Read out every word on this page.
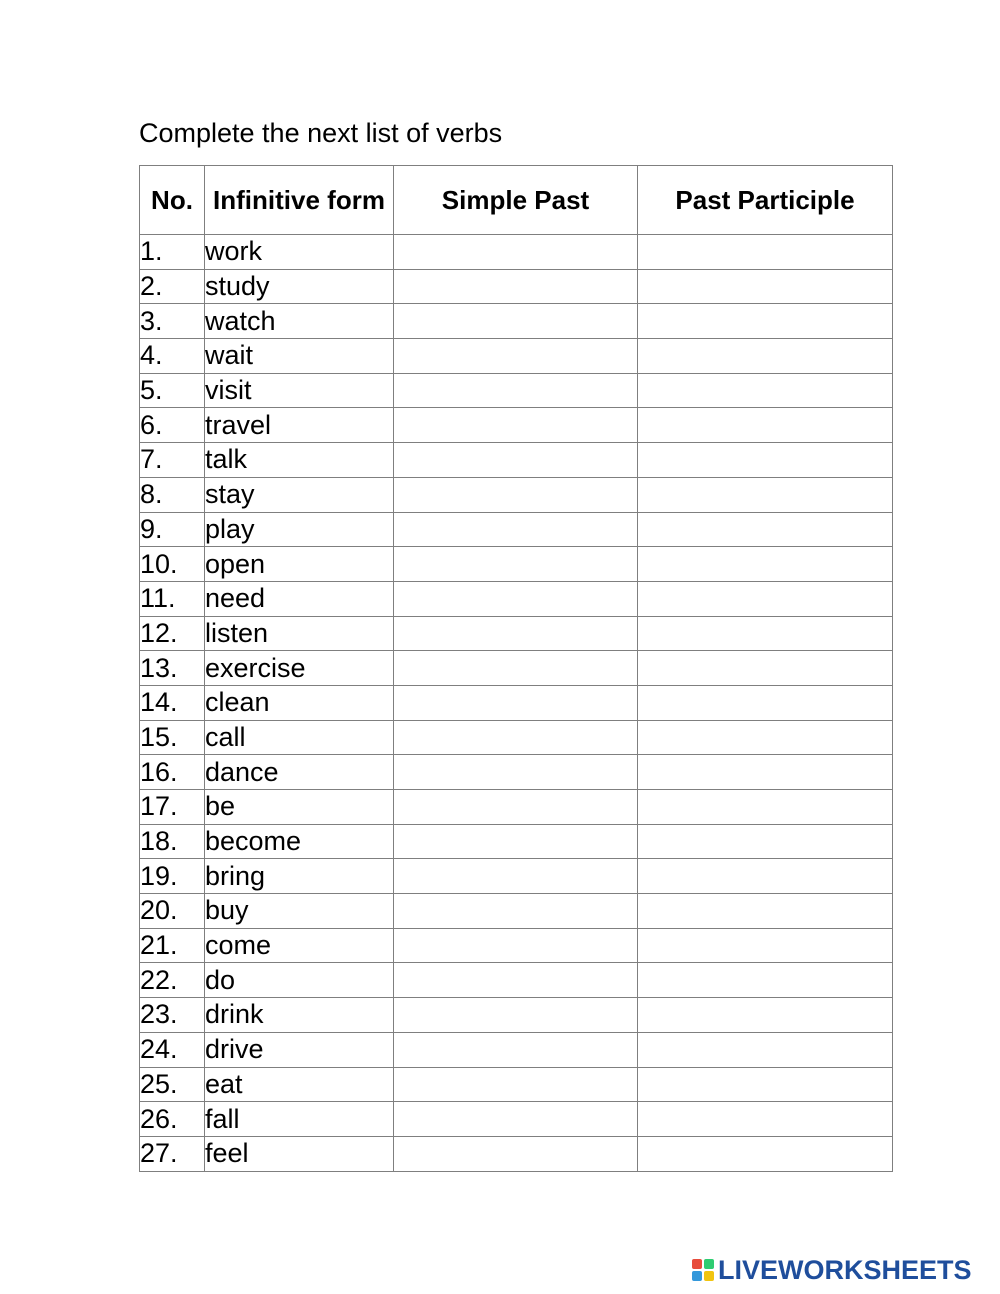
Complete the next list of verbs
No.	Infinitive form	Simple Past	Past Participle
1.	work		
2.	study		
3.	watch		
4.	wait		
5.	visit		
6.	travel		
7.	talk		
8.	stay		
9.	play		
10.	open		
11.	need		
12.	listen		
13.	exercise		
14.	clean		
15.	call		
16.	dance		
17.	be		
18.	become		
19.	bring		
20.	buy		
21.	come		
22.	do		
23.	drink		
24.	drive		
25.	eat		
26.	fall		
27.	feel		
LIVEWORKSHEETS
